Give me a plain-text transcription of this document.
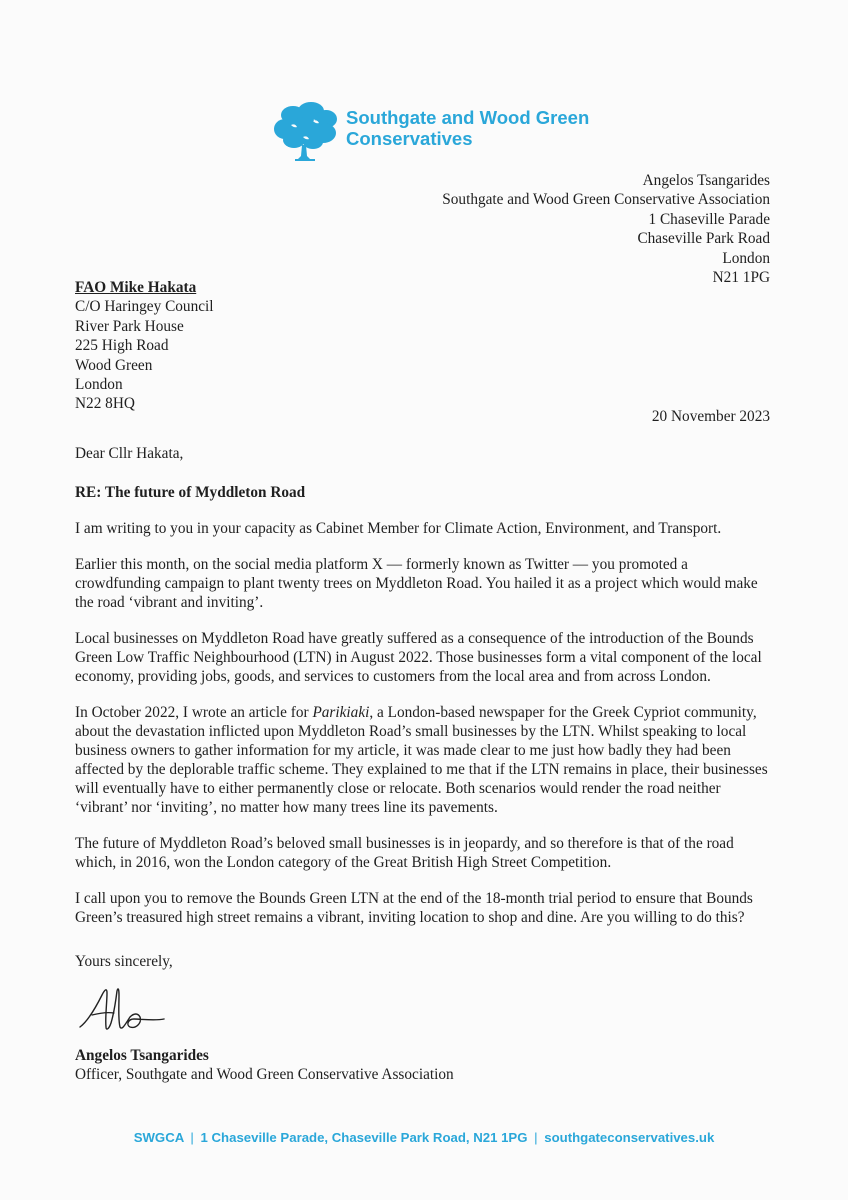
Southgate and Wood Green
Conservatives
Angelos Tsangarides
Southgate and Wood Green Conservative Association
1 Chaseville Parade
Chaseville Park Road
London
N21 1PG
FAO Mike Hakata
C/O Haringey Council
River Park House
225 High Road
Wood Green
London
N22 8HQ
20 November 2023

Dear Cllr Hakata,

RE: The future of Myddleton Road

I am writing to you in your capacity as Cabinet Member for Climate Action, Environment, and Transport.

Earlier this month, on the social media platform X — formerly known as Twitter — you promoted a crowdfunding campaign to plant twenty trees on Myddleton Road. You hailed it as a project which would make the road ‘vibrant and inviting’.

Local businesses on Myddleton Road have greatly suffered as a consequence of the introduction of the Bounds Green Low Traffic Neighbourhood (LTN) in August 2022. Those businesses form a vital component of the local economy, providing jobs, goods, and services to customers from the local area and from across London.

In October 2022, I wrote an article for Parikiaki, a London-based newspaper for the Greek Cypriot community, about the devastation inflicted upon Myddleton Road’s small businesses by the LTN. Whilst speaking to local business owners to gather information for my article, it was made clear to me just how badly they had been affected by the deplorable traffic scheme. They explained to me that if the LTN remains in place, their businesses will eventually have to either permanently close or relocate. Both scenarios would render the road neither ‘vibrant’ nor ‘inviting’, no matter how many trees line its pavements.

The future of Myddleton Road’s beloved small businesses is in jeopardy, and so therefore is that of the road which, in 2016, won the London category of the Great British High Street Competition.

I call upon you to remove the Bounds Green LTN at the end of the 18-month trial period to ensure that Bounds Green’s treasured high street remains a vibrant, inviting location to shop and dine. Are you willing to do this?

Yours sincerely,

Angelos Tsangarides
Officer, Southgate and Wood Green Conservative Association
SWGCA | 1 Chaseville Parade, Chaseville Park Road, N21 1PG | southgateconservatives.uk
